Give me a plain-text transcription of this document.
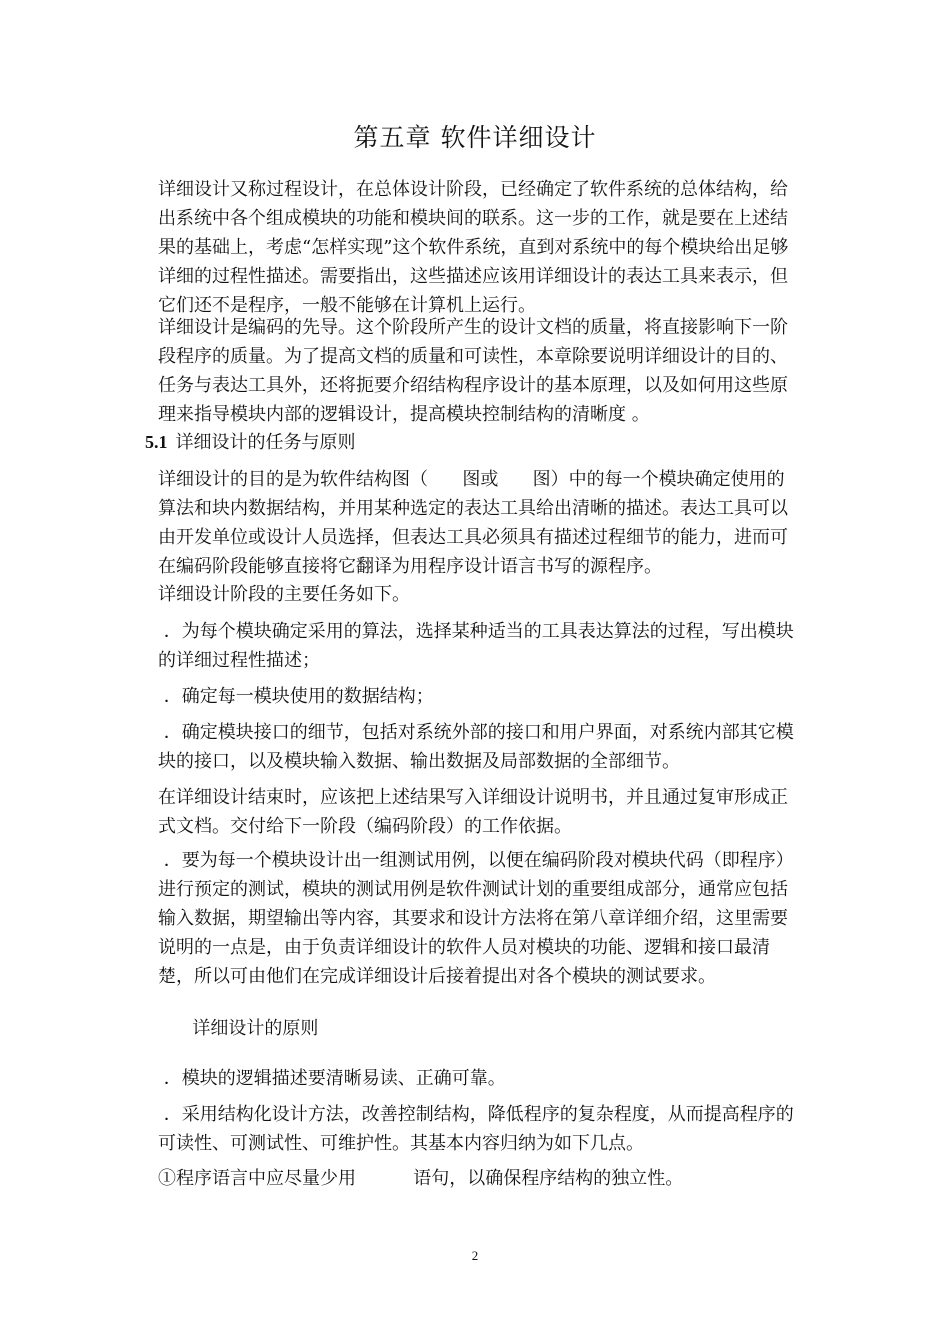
第五章 软件详细设计

详细设计又称过程设计，在总体设计阶段，已经确定了软件系统的总体结构，给出系统中各个组成模块的功能和模块间的联系。这一步的工作，就是要在上述结果的基础上，考虑“怎样实现”这个软件系统，直到对系统中的每个模块给出足够详细的过程性描述。需要指出，这些描述应该用详细设计的表达工具来表示，但它们还不是程序，一般不能够在计算机上运行。

详细设计是编码的先导。这个阶段所产生的设计文档的质量，将直接影响下一阶段程序的质量。为了提高文档的质量和可读性，本章除要说明详细设计的目的、任务与表达工具外，还将扼要介绍结构程序设计的基本原理，以及如何用这些原理来指导模块内部的逻辑设计，提高模块控制结构的清晰度 。

5.1 详细设计的任务与原则

详细设计的目的是为软件结构图（      图或      图）中的每一个模块确定使用的算法和块内数据结构，并用某种选定的表达工具给出清晰的描述。表达工具可以由开发单位或设计人员选择，但表达工具必须具有描述过程细节的能力，进而可在编码阶段能够直接将它翻译为用程序设计语言书写的源程序。

详细设计阶段的主要任务如下。

．为每个模块确定采用的算法，选择某种适当的工具表达算法的过程，写出模块的详细过程性描述；

．确定每一模块使用的数据结构；

．确定模块接口的细节，包括对系统外部的接口和用户界面，对系统内部其它模块的接口，以及模块输入数据、输出数据及局部数据的全部细节。

在详细设计结束时，应该把上述结果写入详细设计说明书，并且通过复审形成正式文档。交付给下一阶段（编码阶段）的工作依据。

．要为每一个模块设计出一组测试用例，以便在编码阶段对模块代码（即程序）进行预定的测试，模块的测试用例是软件测试计划的重要组成部分，通常应包括输入数据，期望输出等内容，其要求和设计方法将在第八章详细介绍，这里需要说明的一点是，由于负责详细设计的软件人员对模块的功能、逻辑和接口最清楚，所以可由他们在完成详细设计后接着提出对各个模块的测试要求。

详细设计的原则

．模块的逻辑描述要清晰易读、正确可靠。

．采用结构化设计方法，改善控制结构，降低程序的复杂程度，从而提高程序的可读性、可测试性、可维护性。其基本内容归纳为如下几点。

①程序语言中应尽量少用          语句，以确保程序结构的独立性。

2
